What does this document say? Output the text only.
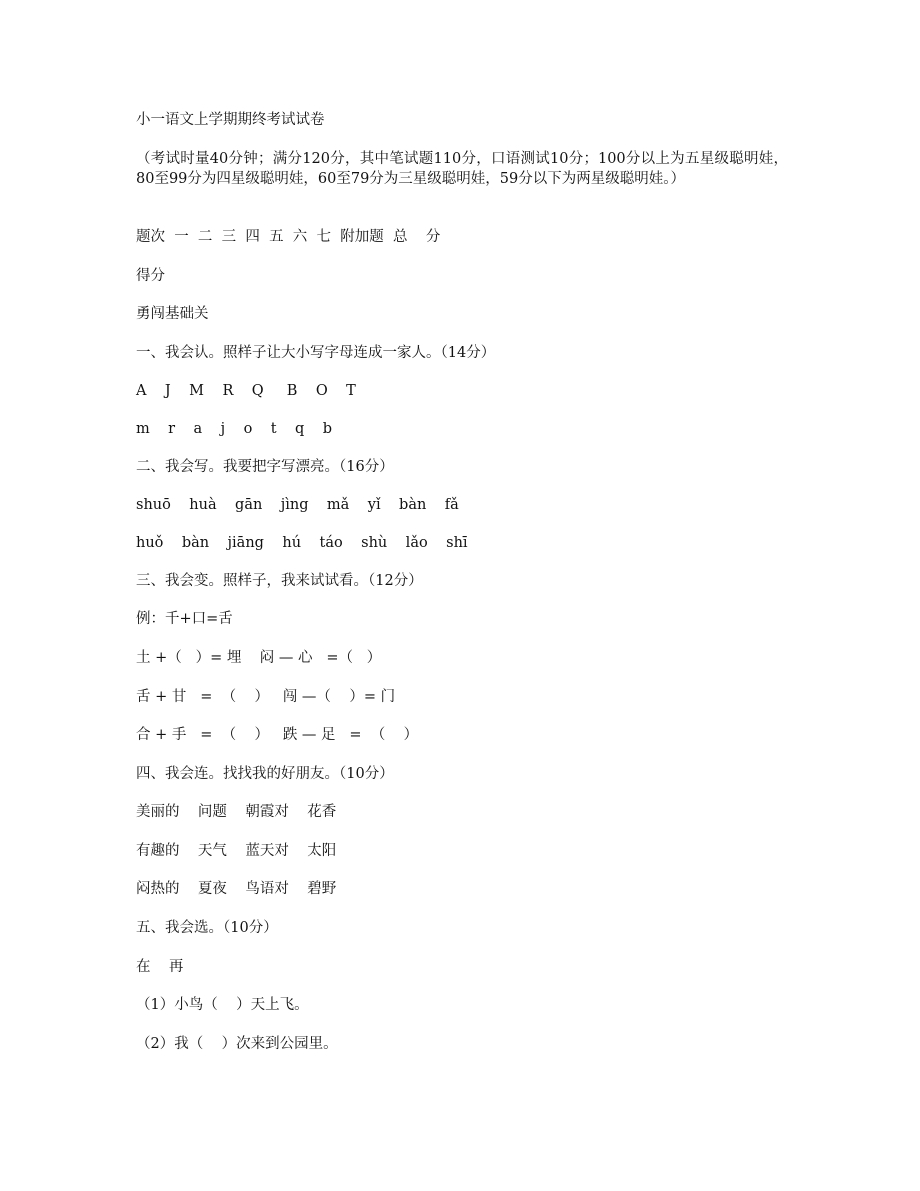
小一语文上学期期终考试试卷
（考试时量40分钟；满分120分，其中笔试题110分，口语测试10分；100分以上为五星级聪明娃，80至99分为四星级聪明娃，60至79分为三星级聪明娃，59分以下为两星级聪明娃。）
题次  一  二  三  四  五  六  七  附加题  总    分
得分
勇闯基础关
一、我会认。照样子让大小写字母连成一家人。（14分）
A    J    M    R    Q     B    O    T
m    r    a    j    o    t    q    b
二、我会写。我要把字写漂亮。（16分）
shuō    huà    gān    jìng    mǎ    yǐ    bàn    fǎ
huǒ    bàn    jiāng    hú    táo    shù    lǎo    shī
三、我会变。照样子，我来试试看。（12分）
例：千+口=舌
土 +（   ）= 埋    闷 — 心   =（   ）
舌 + 甘   =  （    ）   闯 —（    ）= 门
合 + 手   =  （    ）   跌 — 足   =  （    ）
四、我会连。找找我的好朋友。（10分）
美丽的    问题    朝霞对    花香
有趣的    天气    蓝天对    太阳
闷热的    夏夜    鸟语对    碧野
五、我会选。（10分）
在    再
（1）小鸟（    ）天上飞。
（2）我（    ）次来到公园里。
